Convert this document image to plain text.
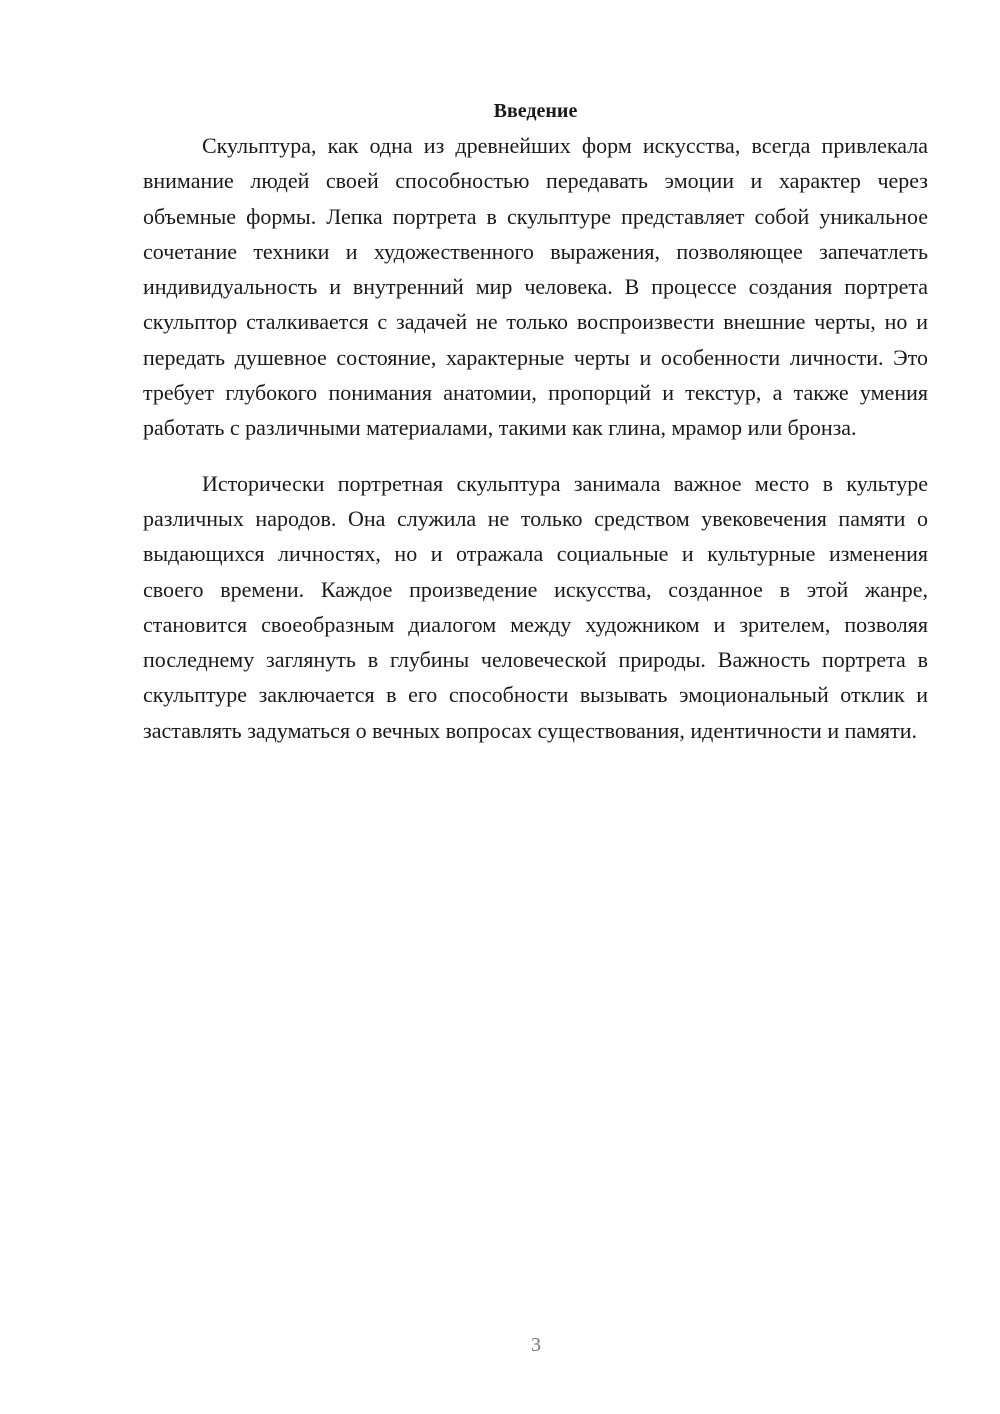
Введение

Скульптура, как одна из древнейших форм искусства, всегда привлекала внимание людей своей способностью передавать эмоции и характер через объемные формы. Лепка портрета в скульптуре представляет собой уникальное сочетание техники и художественного выражения, позволяющее запечатлеть индивидуальность и внутренний мир человека. В процессе создания портрета скульптор сталкивается с задачей не только воспроизвести внешние черты, но и передать душевное состояние, характерные черты и особенности личности. Это требует глубокого понимания анатомии, пропорций и текстур, а также умения работать с различными материалами, такими как глина, мрамор или бронза.

Исторически портретная скульптура занимала важное место в культуре различных народов. Она служила не только средством увековечения памяти о выдающихся личностях, но и отражала социальные и культурные изменения своего времени. Каждое произведение искусства, созданное в этой жанре, становится своеобразным диалогом между художником и зрителем, позволяя последнему заглянуть в глубины человеческой природы. Важность портрета в скульптуре заключается в его способности вызывать эмоциональный отклик и заставлять задуматься о вечных вопросах существования, идентичности и памяти.

3
